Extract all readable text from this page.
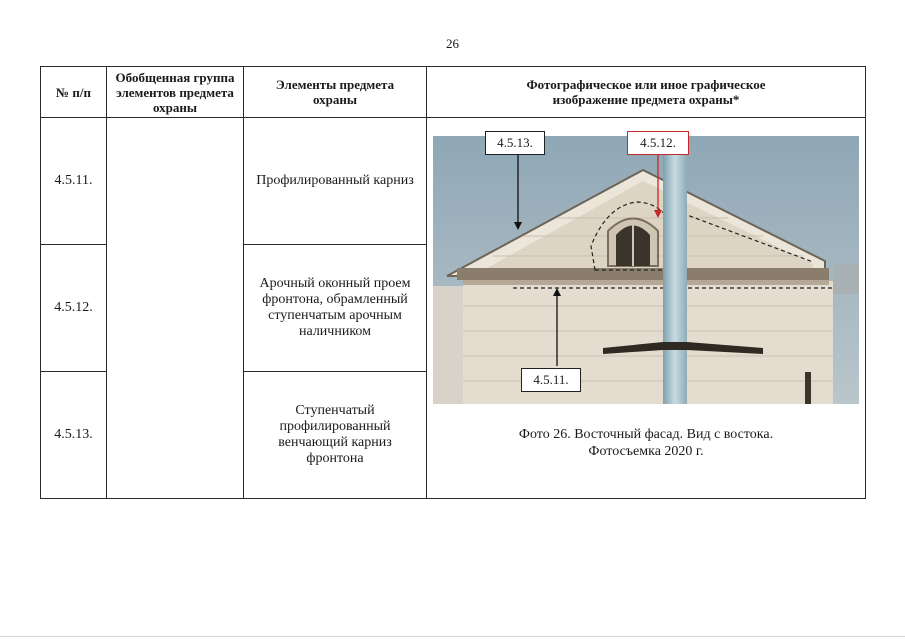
26
№ п/п	Обобщенная группа элементов предмета охраны	Элементы предмета охраны	Фотографическое или иное графическое изображение предмета охраны*
4.5.11.		Профилированный карниз	4.5.13. 4.5.12.
4.5.11.
Фото 26. Восточный фасад. Вид с востока.
Фотосъемка 2020 г.

4.5.12.		Арочный оконный проем фронтона, обрамленный ступенчатым арочным наличником	
4.5.13.		Ступенчатый профилированный венчающий карниз фронтона	
